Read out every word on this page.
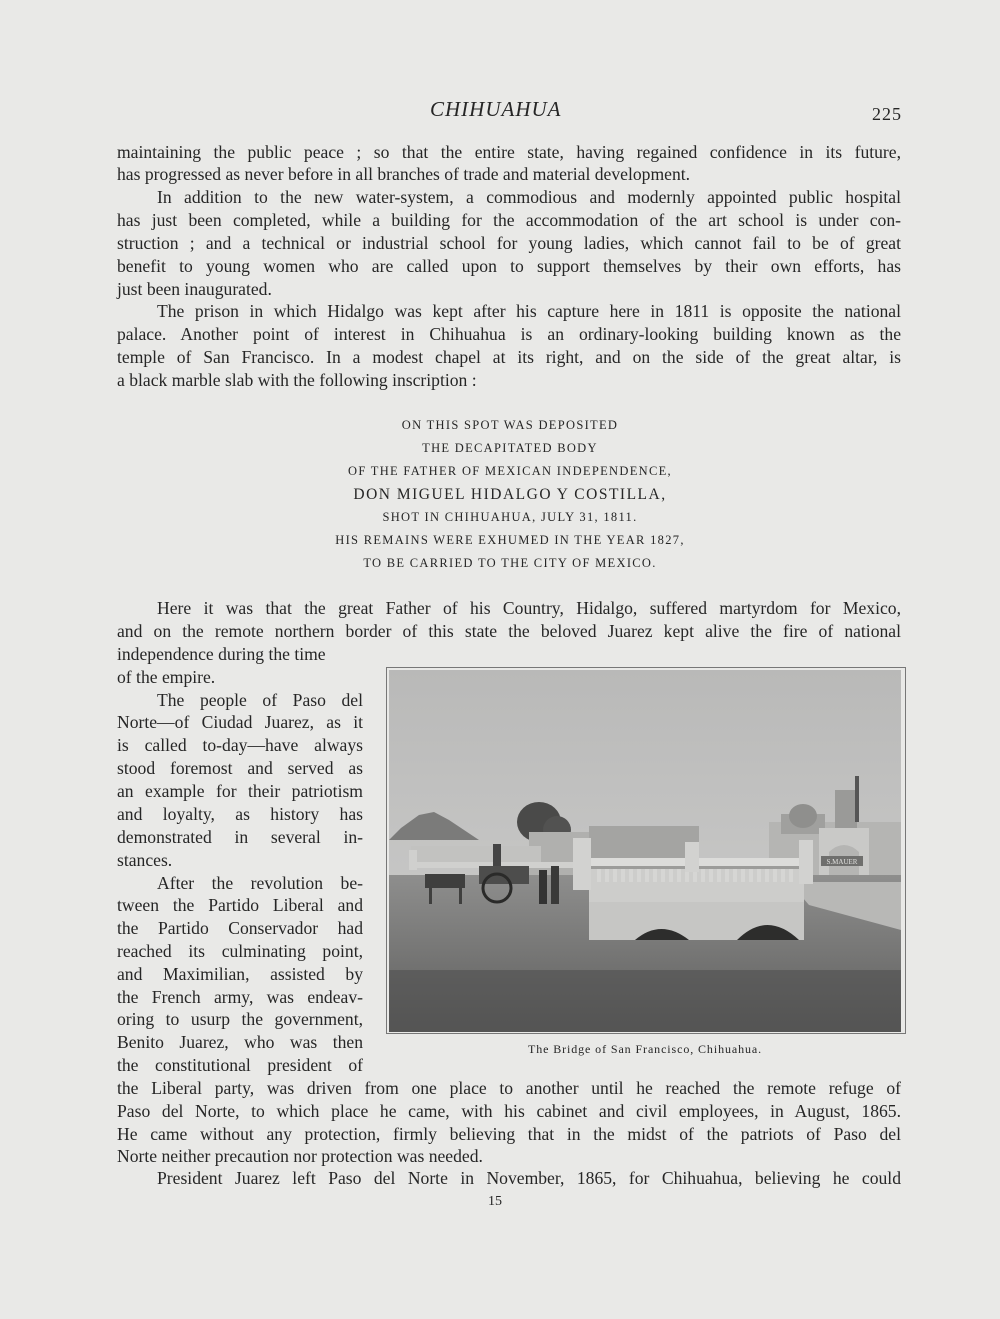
CHIHUAHUA	225
maintaining the public peace ; so that the entire state, having regained confidence in its future,
has progressed as never before in all branches of trade and material development.
In addition to the new water-system, a commodious and modernly appointed public hospital
has just been completed, while a building for the accommodation of the art school is under con-
struction ; and a technical or industrial school for young ladies, which cannot fail to be of great
benefit to young women who are called upon to support themselves by their own efforts, has
just been inaugurated.
The prison in which Hidalgo was kept after his capture here in 1811 is opposite the national
palace. Another point of interest in Chihuahua is an ordinary-looking building known as the
temple of San Francisco. In a modest chapel at its right, and on the side of the great altar, is
a black marble slab with the following inscription :
ON THIS SPOT WAS DEPOSITED
THE DECAPITATED BODY
OF THE FATHER OF MEXICAN INDEPENDENCE,
DON MIGUEL HIDALGO Y COSTILLA,
SHOT IN CHIHUAHUA, JULY 31, 1811.
HIS REMAINS WERE EXHUMED IN THE YEAR 1827,
TO BE CARRIED TO THE CITY OF MEXICO.
Here it was that the great Father of his Country, Hidalgo, suffered martyrdom for Mexico,
and on the remote northern border of this state the beloved Juarez kept alive the fire of national
independence during the time
of the empire.
The people of Paso del
Norte—of Ciudad Juarez, as it
is called to-day—have always
stood foremost and served as
an example for their patriotism
and loyalty, as history has
demonstrated in several in-
stances.
After the revolution be-
tween the Partido Liberal and
the Partido Conservador had
reached its culminating point,
and Maximilian, assisted by
the French army, was endeav-
oring to usurp the government,
Benito Juarez, who was then
the constitutional president of
the Liberal party, was driven from one place to another until he reached the remote refuge of
Paso del Norte, to which place he came, with his cabinet and civil employees, in August, 1865.
He came without any protection, firmly believing that in the midst of the patriots of Paso del
Norte neither precaution nor protection was needed.
President Juarez left Paso del Norte in November, 1865, for Chihuahua, believing he could
S.MAUER
The Bridge of San Francisco, Chihuahua.
15
